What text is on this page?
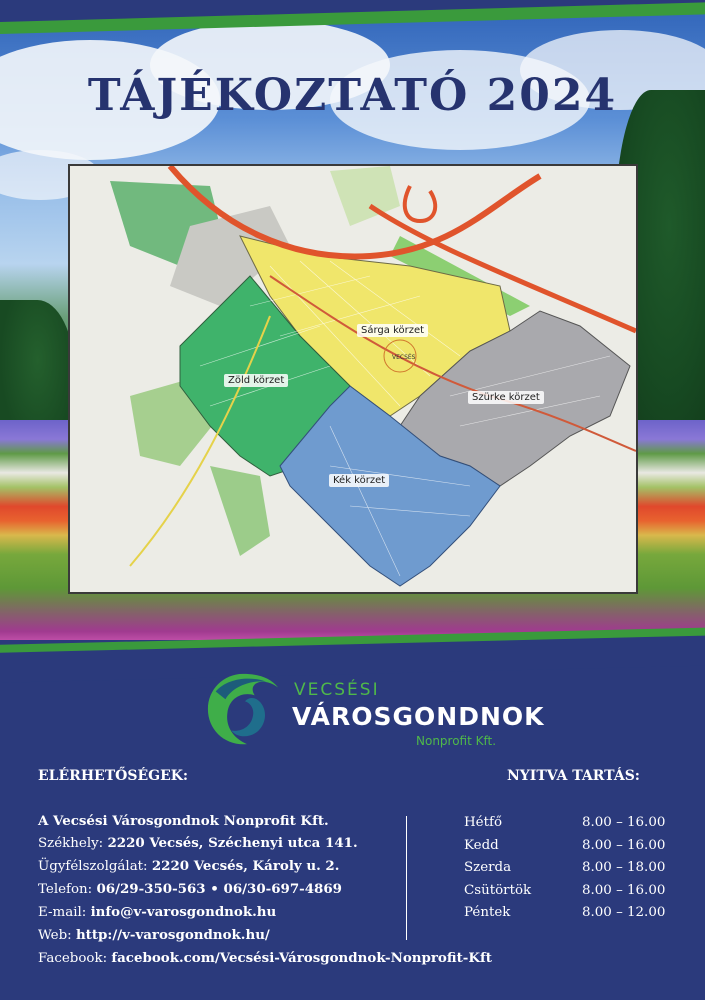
TÁJÉKOZTATÓ 2024
VECSÉS
Sárga körzet
Zöld körzet
Szürke körzet
Kék körzet
VECSÉSI
VÁROSGONDNOK
Nonprofit Kft.
ELÉRHETŐSÉGEK:	NYITVA TARTÁS:
A Vecsési Városgondnok Nonprofit Kft.
Székhely: 2220 Vecsés, Széchenyi utca 141.
Ügyfélszolgálat: 2220 Vecsés, Károly u. 2.
Telefon: 06/29-350-563 • 06/30-697-4869
E-mail: info@v-varosgondnok.hu
Web: http://v-varosgondnok.hu/
Facebook: facebook.com/Vecsési-Városgondnok-Nonprofit-Kft
Hétfő	8.00 – 16.00
Kedd	8.00 – 16.00
Szerda	8.00 – 18.00
Csütörtök	8.00 – 16.00
Péntek	8.00 – 12.00
